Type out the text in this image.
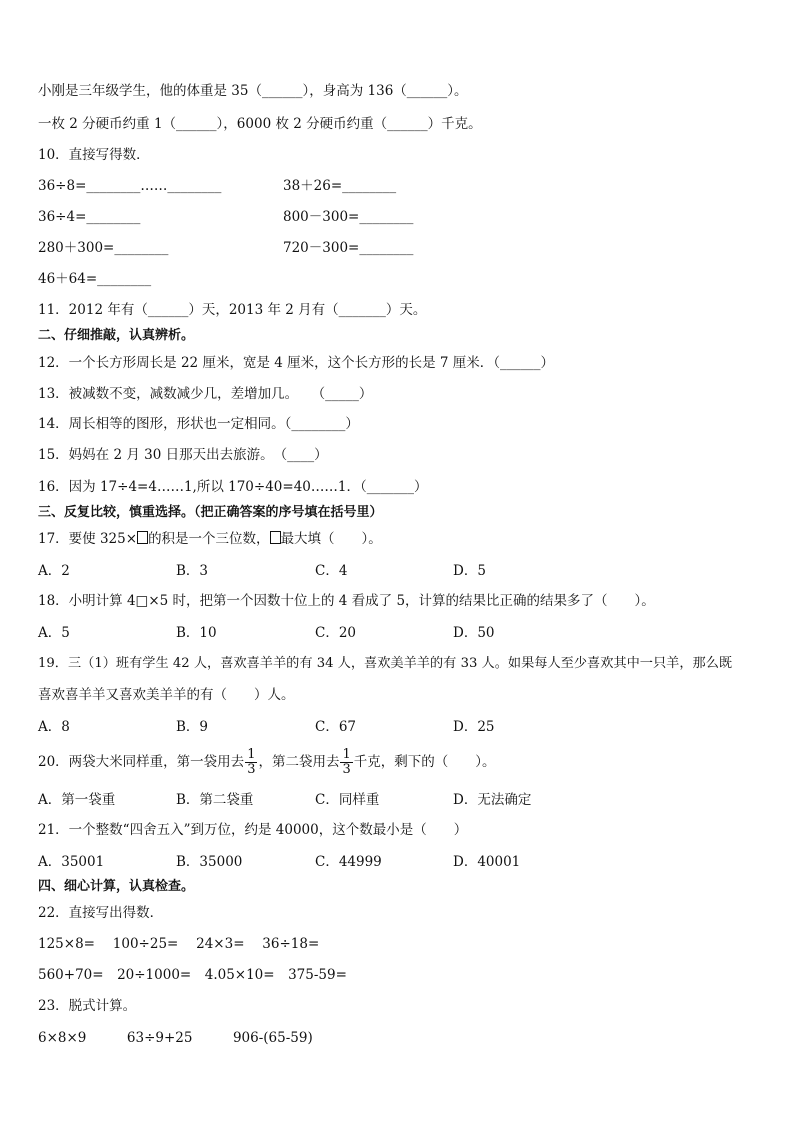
小刚是三年级学生，他的体重是 35（______），身高为 136（______）。
一枚 2 分硬币约重 1（______），6000 枚 2 分硬币约重（______）千克。
10．直接写得数．
36÷8=________……________	38＋26=________
36÷4=________	800－300=________
280＋300=________	720－300=________
46＋64=________
11．2012 年有（______）天，2013 年 2 月有（_______）天。
二、仔细推敲，认真辨析。
12．一个长方形周长是 22 厘米，宽是 4 厘米，这个长方形的长是 7 厘米．（______）
13．被减数不变，减数减少几，差增加几。　　（_____）
14．周长相等的图形，形状也一定相同。（________）
15．妈妈在 2 月 30 日那天出去旅游。　（____）
16．因为 17÷4=4……1,所以 170÷40=40……1．（_______）
三、反复比较，慎重选择。（把正确答案的序号填在括号里）
17．要使 325× 的积是一个三位数， 最大填（　　）。
A．2	B．3	C．4	D．5
18．小明计算 4□×5 时，把第一个因数十位上的 4 看成了 5，计算的结果比正确的结果多了（　　）。
A．5	B．10	C．20	D．50
19．三（1）班有学生 42 人，喜欢喜羊羊的有 34 人，喜欢美羊羊的有 33 人。如果每人至少喜欢其中一只羊，那么既
喜欢喜羊羊又喜欢美羊羊的有（　　）人。
A．8	B．9	C．67	D．25
20．两袋大米同样重，第一袋用去 $\frac{1}{3}$ ，第二袋用去 $\frac{1}{3}$ 千克，剩下的（　　）。
A．第一袋重	B．第二袋重	C．同样重	D．无法确定
21．一个整数“四舍五入”到万位，约是 40000，这个数最小是（　　）
A．35001	B．35000	C．44999	D．40001
四、细心计算，认真检查。
22．直接写出得数．
125×8=　 100÷25=　 24×3=　 36÷18=
560+70=　20÷1000=　4.05×10=　375-59=
23．脱式计算。
6×8×9　　　63÷9+25　　　906-(65-59)
